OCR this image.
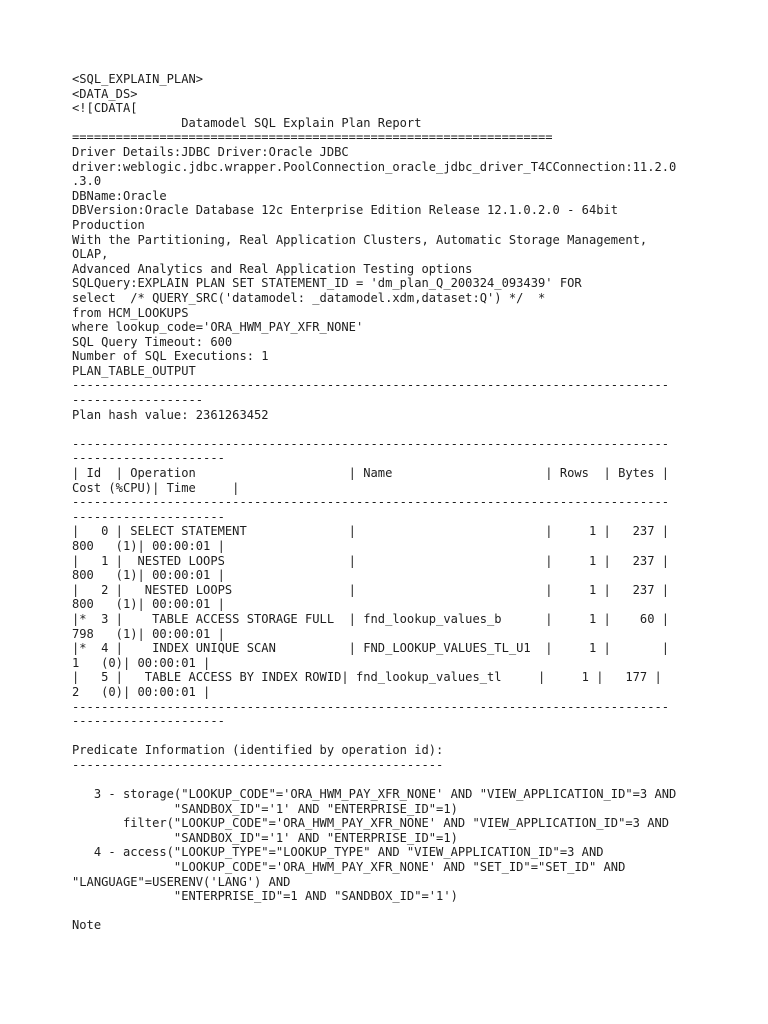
<SQL_EXPLAIN_PLAN>
<DATA_DS>
<![CDATA[
Datamodel SQL Explain Plan Report
==================================================================
Driver Details:JDBC Driver:Oracle JDBC
driver:weblogic.jdbc.wrapper.PoolConnection_oracle_jdbc_driver_T4CConnection:11.2.0
.3.0
DBName:Oracle
DBVersion:Oracle Database 12c Enterprise Edition Release 12.1.0.2.0 - 64bit
Production
With the Partitioning, Real Application Clusters, Automatic Storage Management,
OLAP,
Advanced Analytics and Real Application Testing options
SQLQuery:EXPLAIN PLAN SET STATEMENT_ID = 'dm_plan_Q_200324_093439' FOR
select  /* QUERY_SRC('datamodel: _datamodel.xdm,dataset:Q') */  *
from HCM_LOOKUPS
where lookup_code='ORA_HWM_PAY_XFR_NONE'
SQL Query Timeout: 600
Number of SQL Executions: 1
PLAN_TABLE_OUTPUT
----------------------------------------------------------------------------------
------------------
Plan hash value: 2361263452
----------------------------------------------------------------------------------
---------------------
| Id  | Operation                     | Name                     | Rows  | Bytes |
Cost (%CPU)| Time     |
----------------------------------------------------------------------------------
---------------------
|   0 | SELECT STATEMENT              |                          |     1 |   237 |
800   (1)| 00:00:01 |
|   1 |  NESTED LOOPS                 |                          |     1 |   237 |
800   (1)| 00:00:01 |
|   2 |   NESTED LOOPS                |                          |     1 |   237 |
800   (1)| 00:00:01 |
|*  3 |    TABLE ACCESS STORAGE FULL  | fnd_lookup_values_b      |     1 |    60 |
798   (1)| 00:00:01 |
|*  4 |    INDEX UNIQUE SCAN          | FND_LOOKUP_VALUES_TL_U1  |     1 |       |
1   (0)| 00:00:01 |
|   5 |   TABLE ACCESS BY INDEX ROWID| fnd_lookup_values_tl     |     1 |   177 |
2   (0)| 00:00:01 |
----------------------------------------------------------------------------------
---------------------
Predicate Information (identified by operation id):
---------------------------------------------------
3 - storage("LOOKUP_CODE"='ORA_HWM_PAY_XFR_NONE' AND "VIEW_APPLICATION_ID"=3 AND
"SANDBOX_ID"='1' AND "ENTERPRISE_ID"=1)
filter("LOOKUP_CODE"='ORA_HWM_PAY_XFR_NONE' AND "VIEW_APPLICATION_ID"=3 AND
"SANDBOX_ID"='1' AND "ENTERPRISE_ID"=1)
4 - access("LOOKUP_TYPE"="LOOKUP_TYPE" AND "VIEW_APPLICATION_ID"=3 AND
"LOOKUP_CODE"='ORA_HWM_PAY_XFR_NONE' AND "SET_ID"="SET_ID" AND
"LANGUAGE"=USERENV('LANG') AND
"ENTERPRISE_ID"=1 AND "SANDBOX_ID"='1')
Note
